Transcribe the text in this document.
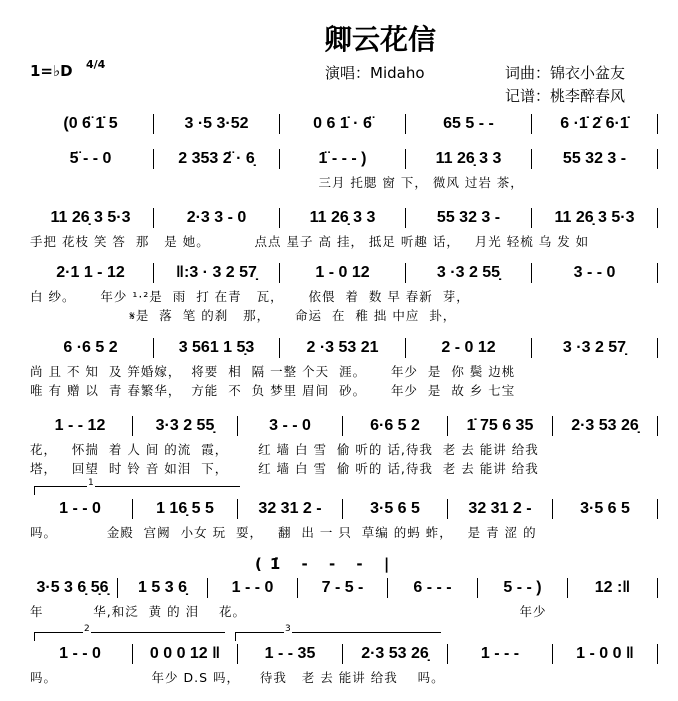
卿云花信
1=♭D 4/4	演唱：Midaho	词曲：锦衣小盆友
记谱：桃李醉春风
1
2	3
(0 6̈ 1̇ 5	3 ·5 3·52	0 6 1̇ · 6̈	65 5 - -	6 ·1̇ 2̇ 6·1̇
5̈ - - 0	2 353 2̈ · 6̣	1̈ - - - )	11 26̣ 3 3	55 32 3 -
三月 托腮 窗 下， 微风 过岩 茶，
11 26̣ 3 5·3	2·3 3 - 0	11 26̣ 3 3	55 32 3 -	11 26̣ 3 5·3
手把 花枝 笑 答  那   是 她。         点点 星子 高 挂， 抵足 听趣 话，   月光 轻梳 乌 发 如
2·1 1 - 12	‖:3 · 3 2 57̣	1 - 0 12	3 ·3 2 55̣	3 - - 0
白 纱。     年少 ¹·²是  雨  打 在青   瓦，     依偎  着  数 早 春新  芽，
𝄋是  落  笔 的刹   那，     命运  在  稚 拙 中应  卦，
6 ·6 5 2	3 561 1 5̣3	2 ·3 53 21	2 - 0 12	3 ·3 2 57̣
尚 且 不 知  及 笄婚嫁，  将要  相  隔 一整 个天  涯。     年少  是  你 鬓 边桃
唯 有 赠 以  青 春繁华，  方能  不  负 梦里 眉间  砂。     年少  是  故 乡 七宝
1 - - 12	3·3 2 55̣	3 - - 0	6·6 5 2	1̇ 75 6 35	2·3 53 26̣
花，   怀揣  着 人 间 的流  霞，      红 墙 白 雪  偷 听的 话,待我  老 去 能讲 给我
塔，   回望  时 铃 音 如泪  下，      红 墙 白 雪  偷 听的 话,待我  老 去 能讲 给我
1 - - 0	1 16̣ 5 5	32 31 2 -	3·5 6 5	32 31 2 -	3·5 6 5
吗。          金殿  宫阙  小女 玩  耍，   翻  出 一 只  草编 的蚂 蚱，   是 青 涩 的
3·5 3 6̣ 5̣6̣	1 5 3 6̣	1 - - 0	7 - 5 -	6 - - -	5 - - )	12 :‖
年          华,和泛  黄 的 泪    花。                                                       年少
(1̇ - - - |
1 - - 0	0 0 0 12 ‖	1 - - 35	2·3 53 26̣	1 - - -	1 - 0 0 ‖
吗。                   年少 D.S 吗，    待我   老 去 能讲 给我    吗。
